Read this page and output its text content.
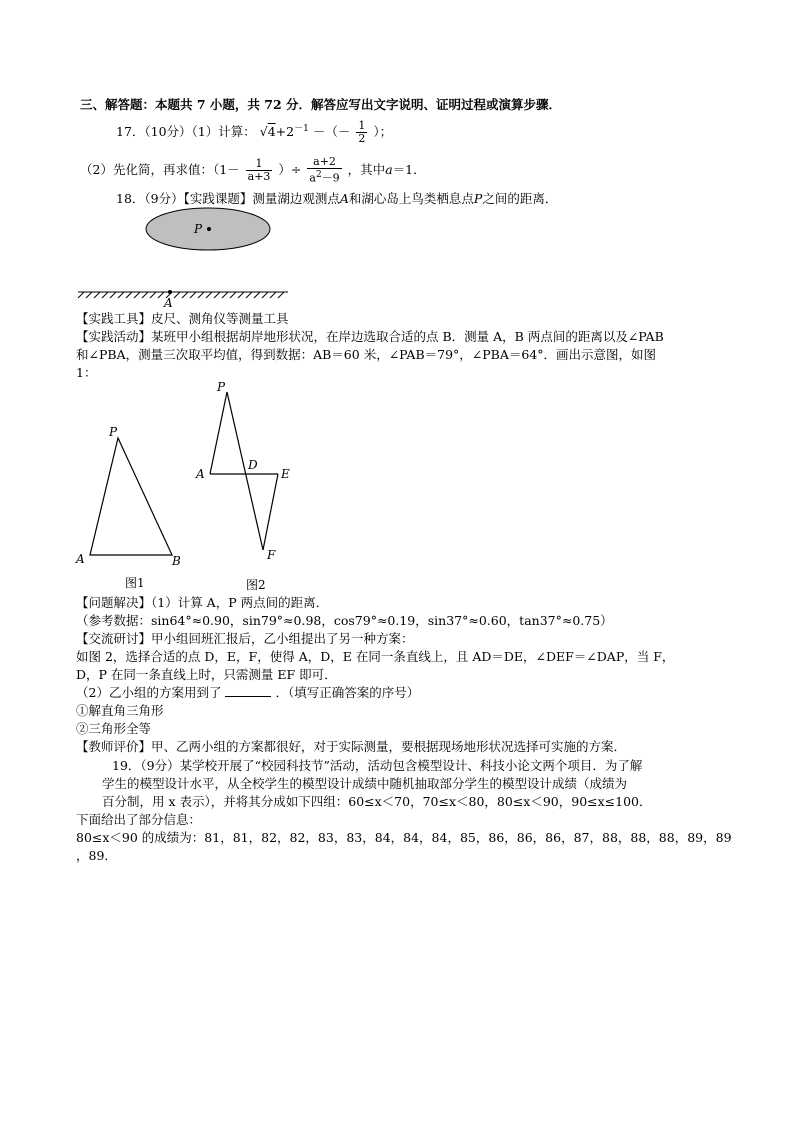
三、解答题：本题共 7 小题，共 72 分．解答应写出文字说明、证明过程或演算步骤．
17．（10分）（1）计算： $√4+2^{-1}$ －（－ $\frac{1}{2}$ ）；
（2）先化简，再求值：（$1- \frac{1}{a+3}$ ）÷ $\frac{a+2}{a^2-9}$ ，其中a＝1．
18．（9分）【实践课题】测量湖边观测点A和湖心岛上鸟类栖息点P之间的距离．
P
A
【实践工具】皮尺、测角仪等测量工具
【实践活动】某班甲小组根据胡岸地形状况，在岸边选取合适的点 B．测量 A，B 两点间的距离以及∠PAB
和∠PBA，测量三次取平均值，得到数据：AB＝60 米，∠PAB＝79°，∠PBA＝64°．画出示意图，如图
1：
P
A	B
图1
P
A
D
E
F
图2
【问题解决】（1）计算 A，P 两点间的距离．
（参考数据：sin64°≈0.90，sin79°≈0.98，cos79°≈0.19，sin37°≈0.60，tan37°≈0.75）
【交流研讨】甲小组回班汇报后，乙小组提出了另一种方案：
如图 2，选择合适的点 D，E，F，使得 A，D，E 在同一条直线上，且 AD＝DE，∠DEF＝∠DAP，当 F，
D，P 在同一条直线上时，只需测量 EF 即可．
（2）乙小组的方案用到了	．（填写正确答案的序号）
①解直角三角形
②三角形全等
【教师评价】甲、乙两小组的方案都很好，对于实际测量，要根据现场地形状况选择可实施的方案．
19．（9分）某学校开展了“校园科技节”活动，活动包含模型设计、科技小论文两个项目．为了解
学生的模型设计水平，从全校学生的模型设计成绩中随机抽取部分学生的模型设计成绩（成绩为
百分制，用 x 表示），并将其分成如下四组：60≤x＜70，70≤x＜80，80≤x＜90，90≤x≤100．
下面给出了部分信息：
80≤x＜90 的成绩为：81，81，82，82，83，83，84，84，84，85，86，86，86，87，88，88，88，89，89
，89．
